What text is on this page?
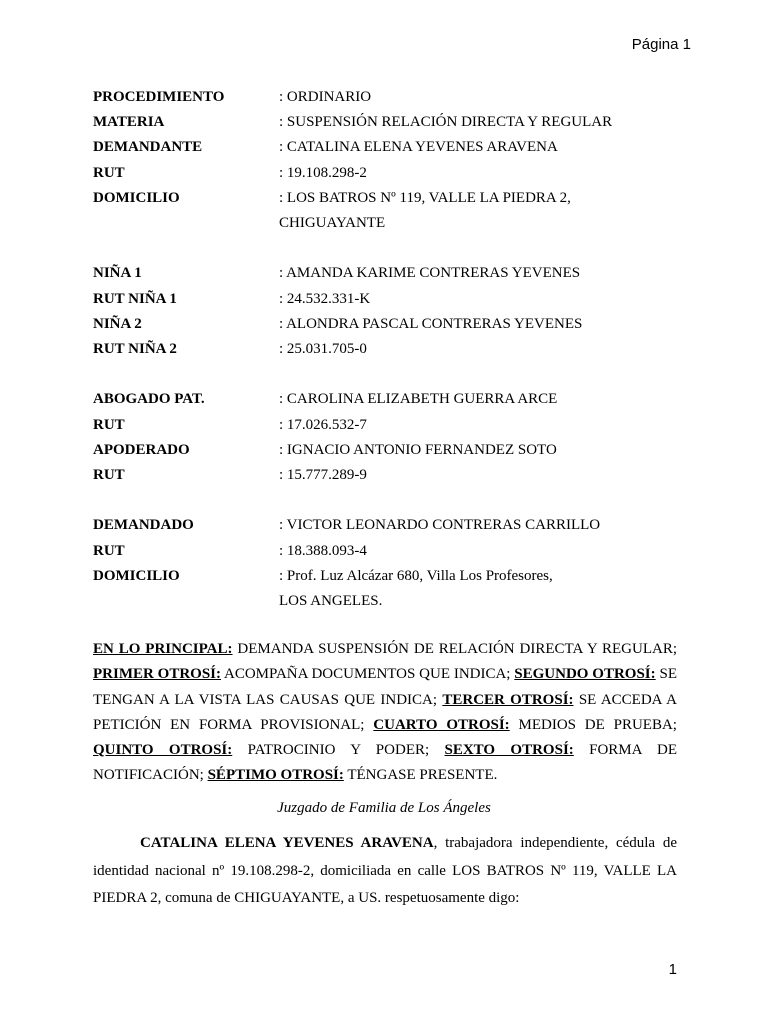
Página 1
PROCEDIMIENTO	: ORDINARIO
MATERIA	: SUSPENSIÓN RELACIÓN DIRECTA Y REGULAR
DEMANDANTE	: CATALINA ELENA YEVENES ARAVENA
RUT	: 19.108.298-2
DOMICILIO	: LOS BATROS Nº 119, VALLE LA PIEDRA 2,
CHIGUAYANTE
NIÑA 1	: AMANDA KARIME CONTRERAS YEVENES
RUT NIÑA 1	: 24.532.331-K
NIÑA 2	: ALONDRA PASCAL CONTRERAS YEVENES
RUT NIÑA 2	: 25.031.705-0
ABOGADO PAT.	: CAROLINA ELIZABETH GUERRA ARCE
RUT	: 17.026.532-7
APODERADO	: IGNACIO ANTONIO FERNANDEZ SOTO
RUT	: 15.777.289-9
DEMANDADO	: VICTOR LEONARDO CONTRERAS CARRILLO
RUT	: 18.388.093-4
DOMICILIO	: Prof. Luz Alcázar 680, Villa Los Profesores,
LOS ANGELES.
EN LO PRINCIPAL: DEMANDA SUSPENSIÓN DE RELACIÓN DIRECTA Y REGULAR; PRIMER OTROSÍ: ACOMPAÑA DOCUMENTOS QUE INDICA; SEGUNDO OTROSÍ: SE TENGAN A LA VISTA LAS CAUSAS QUE INDICA; TERCER OTROSÍ: SE ACCEDA A PETICIÓN EN FORMA PROVISIONAL; CUARTO OTROSÍ: MEDIOS DE PRUEBA; QUINTO OTROSÍ: PATROCINIO Y PODER; SEXTO OTROSÍ: FORMA DE NOTIFICACIÓN; SÉPTIMO OTROSÍ: TÉNGASE PRESENTE.
Juzgado de Familia de Los Ángeles
CATALINA ELENA YEVENES ARAVENA, trabajadora independiente, cédula de identidad nacional nº 19.108.298-2, domiciliada en calle LOS BATROS Nº 119, VALLE LA PIEDRA 2, comuna de CHIGUAYANTE, a US. respetuosamente digo:
1
